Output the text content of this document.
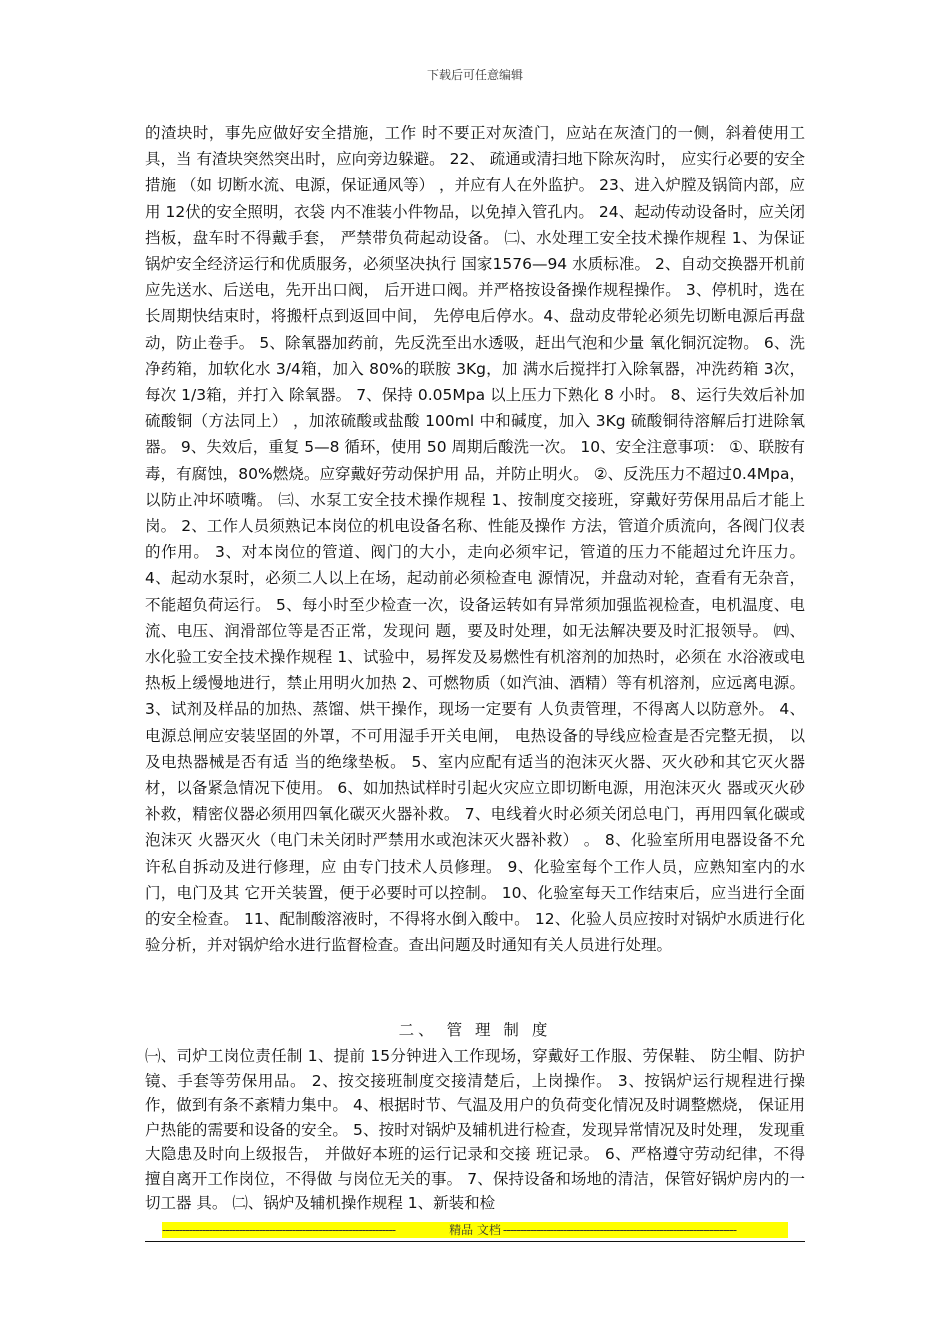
下载后可任意编辑
的渣块时，事先应做好安全措施，工作 时不要正对灰渣门，应站在灰渣门的一侧，斜着使用工具，当 有渣块突然突出时，应向旁边躲避。 22、 疏通或清扫地下除灰沟时， 应实行必要的安全措施 （如 切断水流、电源，保证通风等） ，并应有人在外监护。 23、进入炉膛及锅筒内部，应用 12伏的安全照明，衣袋 内不准装小件物品，以免掉入管孔内。 24、起动传动设备时，应关闭挡板，盘车时不得戴手套， 严禁带负荷起动设备。 ㈡、水处理工安全技术操作规程 1、为保证锅炉安全经济运行和优质服务，必须坚决执行 国家1576—94 水质标准。 2、自动交换器开机前应先送水、后送电，先开出口阀， 后开进口阀。并严格按设备操作规程操作。 3、停机时，选在长周期快结束时，将搬杆点到返回中间， 先停电后停水。4、盘动皮带轮必须先切断电源后再盘动，防止卷手。 5、除氧器加药前，先反洗至出水透吸，赶出气泡和少量 氧化铜沉淀物。 6、洗净药箱，加软化水 3/4箱，加入 80%的联胺 3Kg，加 满水后搅拌打入除氧器，冲洗药箱 3次，每次 1/3箱，并打入 除氧器。 7、保持 0.05Mpa 以上压力下熟化 8 小时。 8、运行失效后补加硫酸铜（方法同上） ，加浓硫酸或盐酸 100ml 中和碱度，加入 3Kg 硫酸铜待溶解后打进除氧器。 9、失效后，重复 5—8 循环，使用 50 周期后酸洗一次。 10、安全注意事项： ①、联胺有毒，有腐蚀，80%燃烧。应穿戴好劳动保护用 品，并防止明火。 ②、反洗压力不超过0.4Mpa，以防止冲坏喷嘴。 ㈢、水泵工安全技术操作规程 1、按制度交接班，穿戴好劳保用品后才能上岗。 2、工作人员须熟记本岗位的机电设备名称、性能及操作 方法，管道介质流向，各阀门仪表的作用。 3、对本岗位的管道、阀门的大小，走向必须牢记，管道的压力不能超过允许压力。 4、起动水泵时，必须二人以上在场，起动前必须检查电 源情况，并盘动对轮，查看有无杂音，不能超负荷运行。 5、每小时至少检查一次，设备运转如有异常须加强监视检查，电机温度、电流、电压、润滑部位等是否正常，发现问 题，要及时处理，如无法解决要及时汇报领导。 ㈣、水化验工安全技术操作规程 1、试验中，易挥发及易燃性有机溶剂的加热时，必须在 水浴液或电热板上缓慢地进行，禁止用明火加热 2、可燃物质（如汽油、酒精）等有机溶剂，应远离电源。 3、试剂及样品的加热、蒸馏、烘干操作，现场一定要有 人负责管理，不得离人以防意外。 4、电源总闸应安装坚固的外罩，不可用湿手开关电闸， 电热设备的导线应检查是否完整无损， 以及电热器械是否有适 当的绝缘垫板。 5、室内应配有适当的泡沫灭火器、灭火砂和其它灭火器 材，以备紧急情况下使用。 6、如加热试样时引起火灾应立即切断电源，用泡沫灭火 器或灭火砂补救，精密仪器必须用四氧化碳灭火器补救。 7、电线着火时必须关闭总电门，再用四氧化碳或泡沫灭 火器灭火（电门未关闭时严禁用水或泡沫灭火器补救） 。 8、化验室所用电器设备不允许私自拆动及进行修理，应 由专门技术人员修理。 9、化验室每个工作人员，应熟知室内的水门，电门及其 它开关装置，便于必要时可以控制。 10、化验室每天工作结束后，应当进行全面的安全检查。 11、配制酸溶液时，不得将水倒入酸中。 12、化验人员应按时对锅炉水质进行化验分析，并对锅炉给水进行监督检查。查出问题及时通知有关人员进行处理。
二、 管 理 制 度
㈠、司炉工岗位责任制 1、提前 15分钟进入工作现场，穿戴好工作服、劳保鞋、 防尘帽、防护镜、手套等劳保用品。 2、按交接班制度交接清楚后，上岗操作。 3、按锅炉运行规程进行操作，做到有条不紊精力集中。 4、根据时节、气温及用户的负荷变化情况及时调整燃烧， 保证用户热能的需要和设备的安全。 5、按时对锅炉及辅机进行检查，发现异常情况及时处理， 发现重大隐患及时向上级报告， 并做好本班的运行记录和交接 班记录。 6、严格遵守劳动纪律，不得擅自离开工作岗位，不得做 与岗位无关的事。 7、保持设备和场地的清洁，保管好锅炉房内的一切工器 具。 ㈡、锅炉及辅机操作规程 1、新装和检
----------------------------------------------------------------------	精品 文档 ----------------------------------------------------------------------
